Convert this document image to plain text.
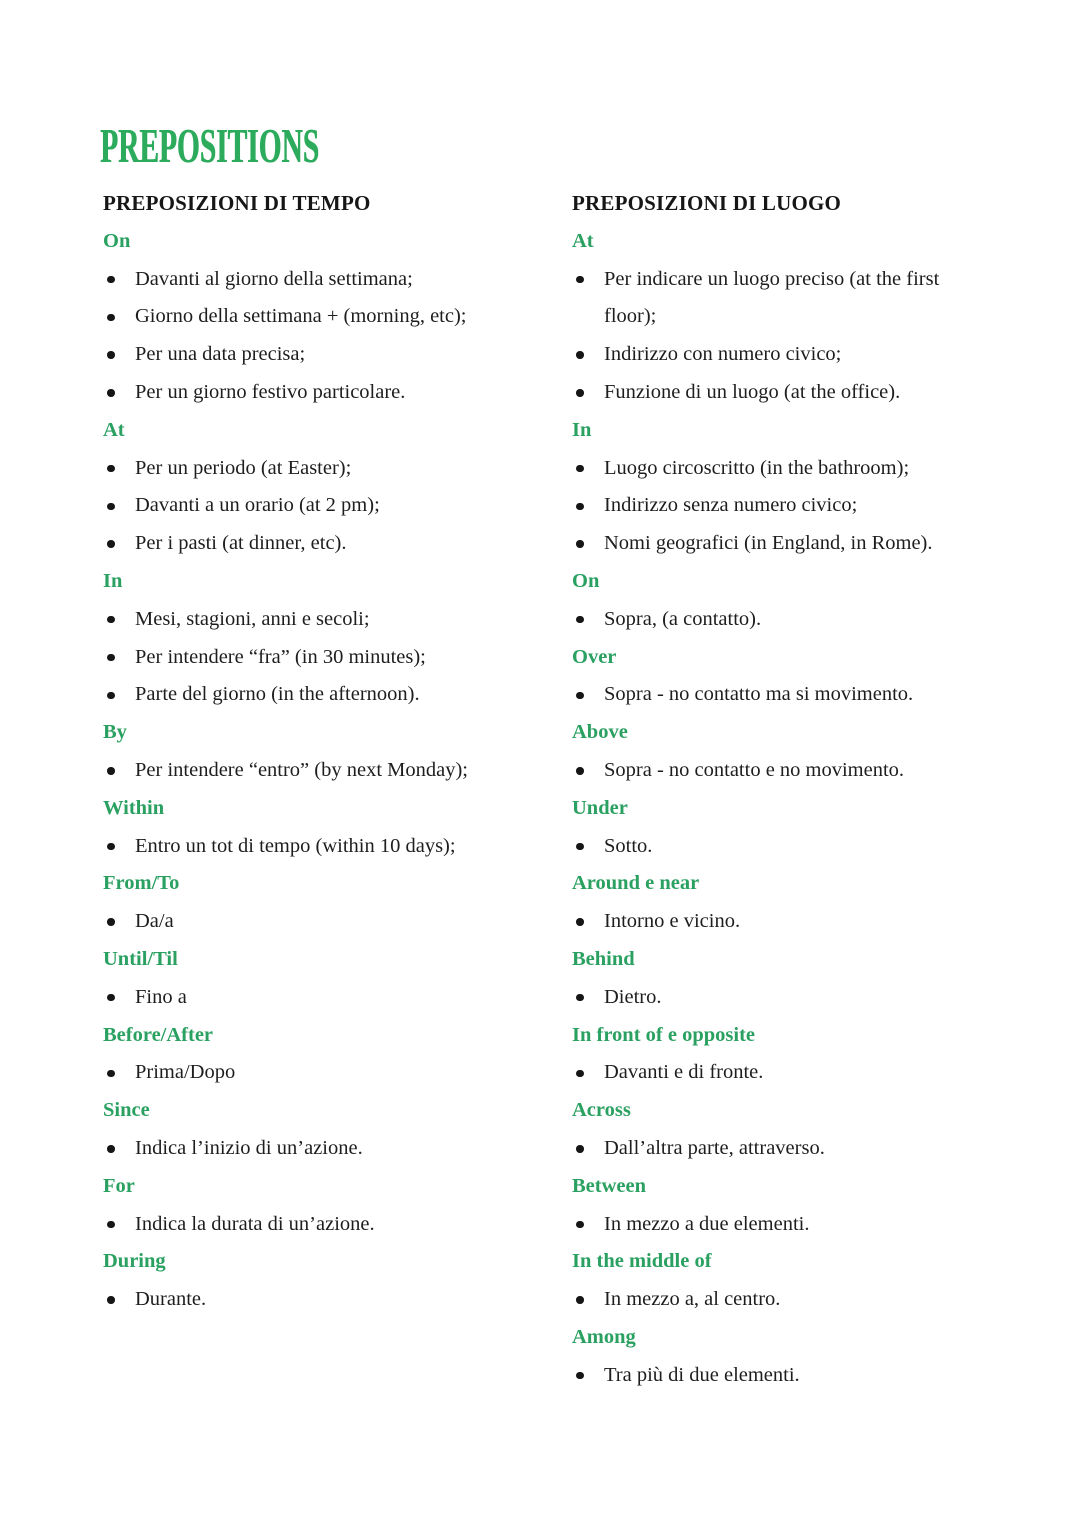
PREPOSITIONS
PREPOSIZIONI DI TEMPO
On
Davanti al giorno della settimana;
Giorno della settimana + (morning, etc);
Per una data precisa;
Per un giorno festivo particolare.
At
Per un periodo (at Easter);
Davanti a un orario (at 2 pm);
Per i pasti (at dinner, etc).
In
Mesi, stagioni, anni e secoli;
Per intendere “fra” (in 30 minutes);
Parte del giorno (in the afternoon).
By
Per intendere “entro” (by next Monday);
Within
Entro un tot di tempo (within 10 days);
From/To
Da/a
Until/Til
Fino a
Before/After
Prima/Dopo
Since
Indica l’inizio di un’azione.
For
Indica la durata di un’azione.
During
Durante.
PREPOSIZIONI DI LUOGO
At
Per indicare un luogo preciso (at the first floor);
Indirizzo con numero civico;
Funzione di un luogo (at the office).
In
Luogo circoscritto (in the bathroom);
Indirizzo senza numero civico;
Nomi geografici (in England, in Rome).
On
Sopra, (a contatto).
Over
Sopra - no contatto ma si movimento.
Above
Sopra - no contatto e no movimento.
Under
Sotto.
Around e near
Intorno e vicino.
Behind
Dietro.
In front of e opposite
Davanti e di fronte.
Across
Dall’altra parte, attraverso.
Between
In mezzo a due elementi.
In the middle of
In mezzo a, al centro.
Among
Tra più di due elementi.
